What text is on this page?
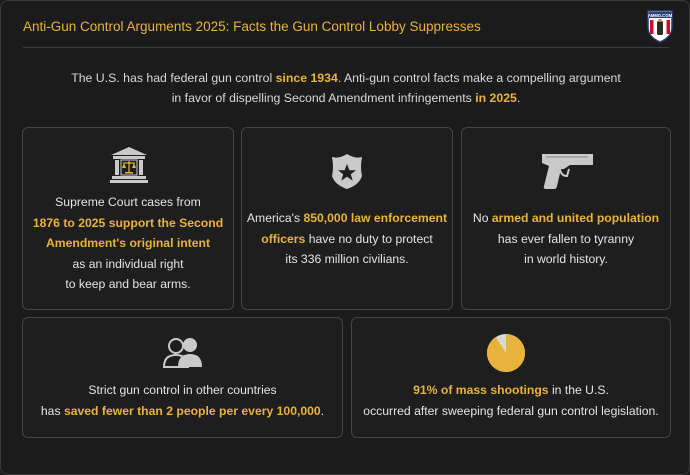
Anti-Gun Control Arguments 2025: Facts the Gun Control Lobby Suppresses
AMMO.COM
The U.S. has had federal gun control since 1934. Anti-gun control facts make a compelling argument
in favor of dispelling Second Amendment infringements in 2025.
Supreme Court cases from
1876 to 2025 support the Second
Amendment's original intent
as an individual right
to keep and bear arms.
America's 850,000 law enforcement
officers have no duty to protect
its 336 million civilians.
No armed and united population
has ever fallen to tyranny
in world history.
Strict gun control in other countries
has saved fewer than 2 people per every 100,000.
91% of mass shootings in the U.S.
occurred after sweeping federal gun control legislation.
